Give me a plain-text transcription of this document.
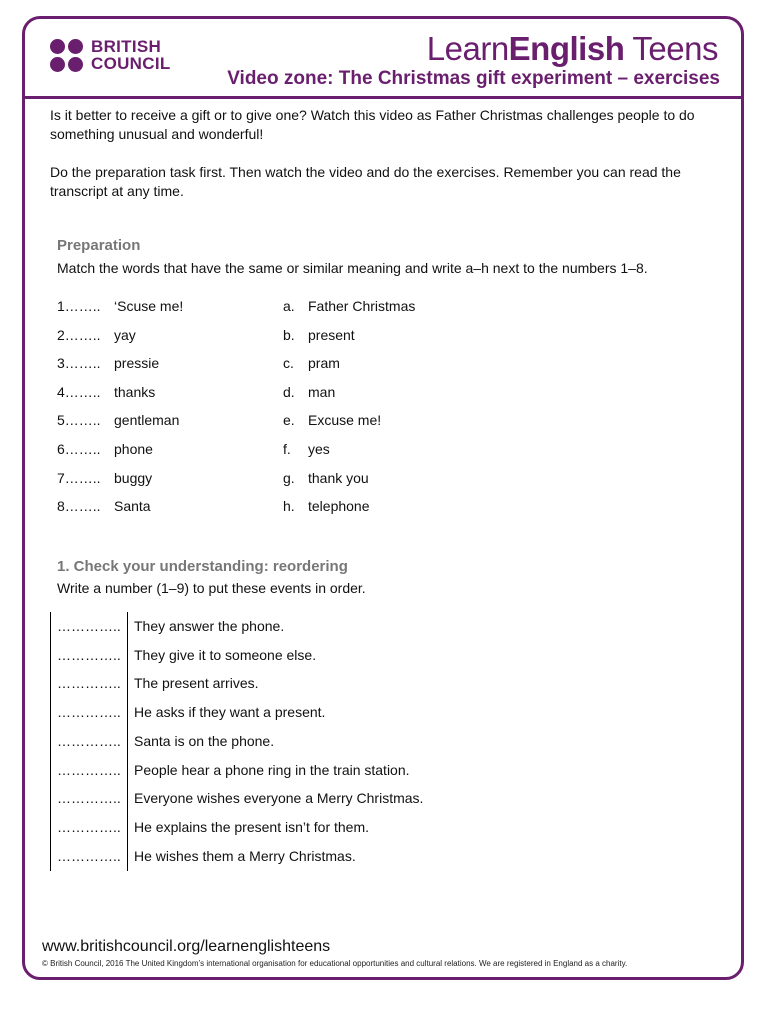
BRITISH
COUNCIL	LearnEnglish Teens
Video zone: The Christmas gift experiment – exercises
Is it better to receive a gift or to give one? Watch this video as Father Christmas challenges people to do something unusual and wonderful!
Do the preparation task first. Then watch the video and do the exercises. Remember you can read the transcript at any time.
Preparation
Match the words that have the same or similar meaning and write a–h next to the numbers 1–8.
1…….. ‘Scuse me!	a. Father Christmas
2…….. yay	b. present
3…….. pressie	c. pram
4…….. thanks	d. man
5…….. gentleman	e. Excuse me!
6…….. phone	f. yes
7…….. buggy	g. thank you
8…….. Santa	h. telephone
1. Check your understanding: reordering
Write a number (1–9) to put these events in order.
………….. They answer the phone.
………….. They give it to someone else.
………….. The present arrives.
………….. He asks if they want a present.
………….. Santa is on the phone.
………….. People hear a phone ring in the train station.
………….. Everyone wishes everyone a Merry Christmas.
………….. He explains the present isn’t for them.
………….. He wishes them a Merry Christmas.
www.britishcouncil.org/learnenglishteens
© British Council, 2016 The United Kingdom’s international organisation for educational opportunities and cultural relations. We are registered in England as a charity.
